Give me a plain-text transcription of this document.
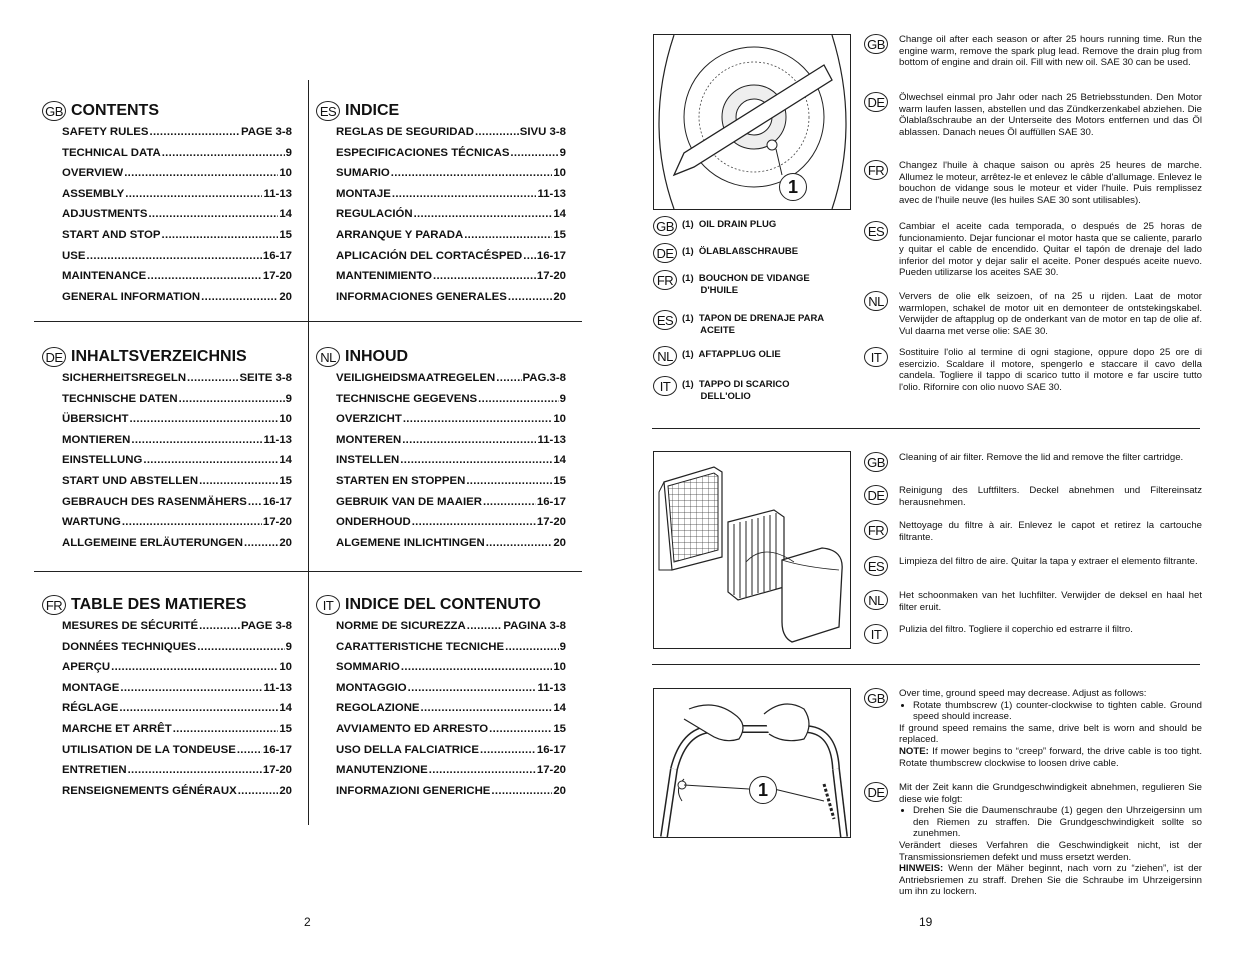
GB CONTENTS
SAFETY RULES .....	PAGE 3-8
TECHNICAL DATA .....	9
OVERVIEW .....	10
ASSEMBLY .....	11-13
ADJUSTMENTS .....	14
START AND STOP .....	15
USE .....	16-17
MAINTENANCE .....	17-20
GENERAL INFORMATION .....	20
ES INDICE
REGLAS DE SEGURIDAD .....	SIVU 3-8
ESPECIFICACIONES TÉCNICAS .....	9
SUMARIO .....	10
MONTAJE .....	11-13
REGULACIÓN .....	14
ARRANQUE Y PARADA .....	15
APLICACIÓN DEL CORTACÉSPED ..... 16-17
MANTENIMIENTO .....	17-20
INFORMACIONES GENERALES .....	20
DE INHALTSVERZEICHNIS
SICHERHEITSREGELN .....	SEITE 3-8
TECHNISCHE DATEN .....	9
ÜBERSICHT .....	10
MONTIEREN .....	11-13
EINSTELLUNG .....	14
START UND ABSTELLEN .....	15
GEBRAUCH DES RASENMÄHERS ..... 16-17
WARTUNG .....	17-20
ALLGEMEINE ERLÄUTERUNGEN .....	20
NL INHOUD
VEILIGHEIDSMAATREGELEN ..... PAG.3-8
TECHNISCHE GEGEVENS .....	9
OVERZICHT .....	10
MONTEREN .....	11-13
INSTELLEN .....	14
STARTEN EN STOPPEN .....	15
GEBRUIK VAN DE MAAIER .....	16-17
ONDERHOUD .....	17-20
ALGEMENE INLICHTINGEN .....	20
FR TABLE DES MATIERES
MESURES DE SÉCURITÉ .....	PAGE 3-8
DONNÉES TECHNIQUES .....	9
APERÇU .....	10
MONTAGE .....	11-13
RÉGLAGE .....	14
MARCHE ET ARRÊT .....	15
UTILISATION DE LA TONDEUSE ..... 16-17
ENTRETIEN .....	17-20
RENSEIGNEMENTS GÉNÉRAUX .....	20
IT INDICE DEL CONTENUTO
NORME DE SICUREZZA .....	PAGINA 3-8
CARATTERISTICHE TECNICHE .....	9
SOMMARIO .....	10
MONTAGGIO .....	11-13
REGOLAZIONE .....	14
AVVIAMENTO ED ARRESTO .....	15
USO DELLA FALCIATRICE .....	16-17
MANUTENZIONE .....	17-20
INFORMAZIONI GENERICHE .....	20
2
1
GB (1)  OIL DRAIN PLUG
DE (1)  ÖLABLAßSCHRAUBE
FR (1)  BOUCHON DE VIDANGE
D'HUILE
ES (1)  TAPON DE DRENAJE PARA
ACEITE
NL (1)  AFTAPPLUG OLIE
IT	(1)  TAPPO DI SCARICO
DELL'OLIO
GB	Change oil after each season or after 25 hours running time. Run the engine warm, remove the spark plug lead. Remove the drain plug from bottom of engine and drain oil. Fill with new oil. SAE 30 can be used.
DE	Ölwechsel einmal pro Jahr oder nach 25 Betriebsstunden. Den Motor warm laufen lassen, abstellen und das Zündkerzenkabel abziehen. Die Ölablaßschraube an der Unterseite des Motors entfernen und das Öl ablassen. Danach neues Öl auffüllen SAE 30.
FR	Changez l'huile à chaque saison ou après 25 heures de marche. Allumez le moteur, arrêtez-le et enlevez le câble d'allumage. Enlevez le bouchon de vidange sous le moteur et vider l'huile. Puis remplissez avec de l'huile neuve (les huiles SAE 30 sont utilisables).
ES	Cambiar el aceite cada temporada, o después de 25 horas de funcionamiento. Dejar funcionar el motor hasta que se caliente, pararlo y quitar el cable de encendido. Quitar el tapón de drenaje del lado inferior del motor y dejar salir el aceite. Poner después aceite nuevo. Pueden utilizarse los aceites SAE 30.
NL	Ververs de olie elk seizoen, of na 25 u rijden. Laat de motor warmlopen, schakel de motor uit en demonteer de ontstekingskabel. Verwijder de aftapplug op de onderkant van de motor en tap de olie af. Vul daarna met verse olie: SAE 30.
IT	Sostituire l'olio al termine di ogni stagione, oppure dopo 25 ore di esercizio. Scaldare il motore, spengerlo e staccare il cavo della candela. Togliere il tappo di scarico tutto il motore e far uscire tutto l'olio. Rifornire con olio nuovo SAE 30.
GB	Cleaning of air filter. Remove the lid and remove the filter cartridge.
DE	Reinigung des Luftfilters. Deckel abnehmen und Filtereinsatz herausnehmen.
FR	Nettoyage du filtre à air. Enlevez le capot et retirez la cartouche filtrante.
ES	Limpieza del filtro de aire. Quitar la tapa y extraer el elemento filtrante.
NL	Het schoonmaken van het luchfilter. Verwijder de deksel en haal het filter eruit.
IT	Pulizia del filtro. Togliere il coperchio ed estrarre il filtro.
1
GB	Over time, ground speed may decrease. Adjust as follows:
• Rotate thumbscrew (1) counter-clockwise to tighten cable. Ground speed should increase.
If ground speed remains the same, drive belt is worn and should be replaced.
NOTE: If mower begins to “creep” forward, the drive cable is too tight. Rotate thumbscrew clockwise to loosen drive cable.
DE	Mit der Zeit kann die Grundgeschwindigkeit abnehmen, regulieren Sie diese wie folgt:
• Drehen Sie die Daumenschraube (1) gegen den Uhrzeigersinn um den Riemen zu straffen. Die Grundgeschwindigkeit sollte so zunehmen.
Verändert dieses Verfahren die Geschwindigkeit nicht, ist der Transmissionsriemen defekt und muss ersetzt werden.
HINWEIS: Wenn der Mäher beginnt, nach vorn zu “ziehen”, ist der Antriebsriemen zu straff. Drehen Sie die Schraube im Uhrzeigersinn um ihn zu lockern.
19
